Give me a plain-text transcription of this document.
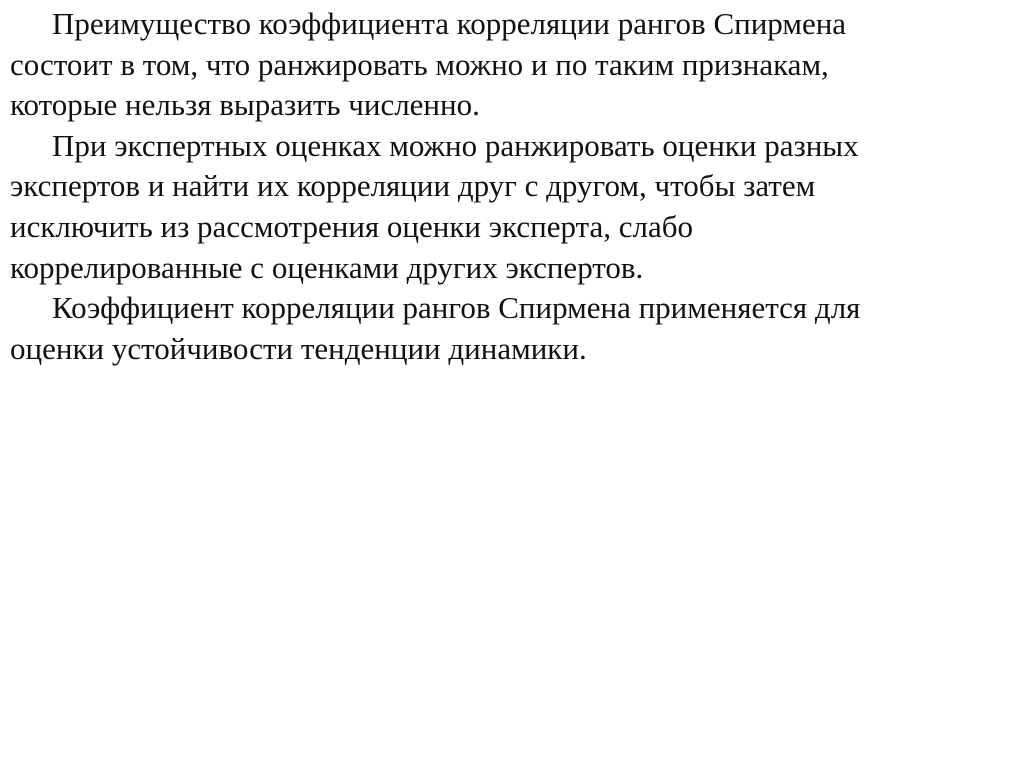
Преимущество коэффициента корреляции рангов Спирмена
состоит в том, что ранжировать можно и по таким признакам,
которые нельзя выразить численно.
При экспертных оценках можно ранжировать оценки разных
экспертов и найти их корреляции друг с другом, чтобы затем
исключить из рассмотрения оценки эксперта, слабо
коррелированные с оценками других экспертов.
Коэффициент корреляции рангов Спирмена применяется для
оценки устойчивости тенденции динамики.
